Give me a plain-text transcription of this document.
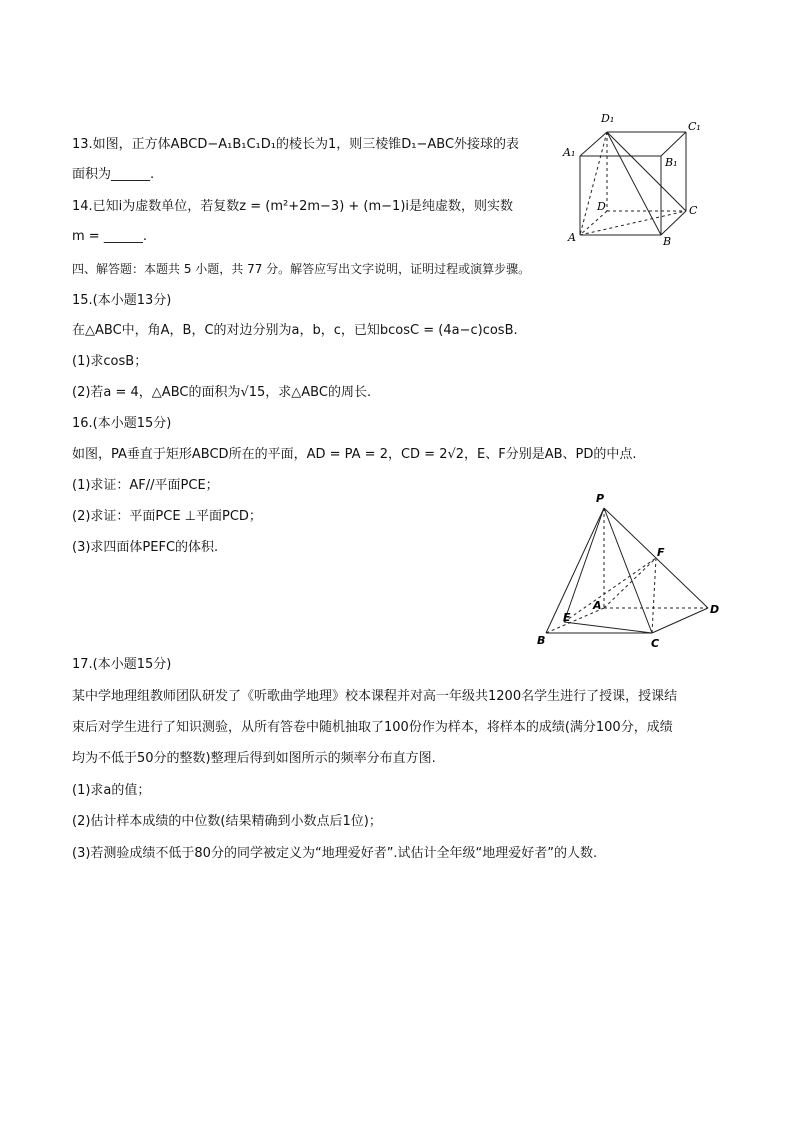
13.如图，正方体ABCD−A₁B₁C₁D₁的棱长为1，则三棱锥D₁−ABC外接球的表
面积为______.
14.已知i为虚数单位，若复数z = (m²+2m−3) + (m−1)i是纯虚数，则实数
m = ______.
D₁
C₁
A₁
B₁
D	C
A	B
四、解答题：本题共 5 小题，共 77 分。解答应写出文字说明，证明过程或演算步骤。
15.(本小题13分)
在△ABC中，角A，B，C的对边分别为a，b，c，已知bcosC = (4a−c)cosB.
(1)求cosB；
(2)若a = 4，△ABC的面积为√15，求△ABC的周长.
16.(本小题15分)
如图，PA垂直于矩形ABCD所在的平面，AD = PA = 2，CD = 2√2，E、F分别是AB、PD的中点.
(1)求证：AF//平面PCE；
(2)求证：平面PCE ⊥平面PCD；
(3)求四面体PEFC的体积.
P
F
A	D
E
B	C
17.(本小题15分)
某中学地理组教师团队研发了《听歌曲学地理》校本课程并对高一年级共1200名学生进行了授课，授课结
束后对学生进行了知识测验，从所有答卷中随机抽取了100份作为样本，将样本的成绩(满分100分，成绩
均为不低于50分的整数)整理后得到如图所示的频率分布直方图.
(1)求a的值；
(2)估计样本成绩的中位数(结果精确到小数点后1位)；
(3)若测验成绩不低于80分的同学被定义为“地理爱好者”.试估计全年级“地理爱好者”的人数.
